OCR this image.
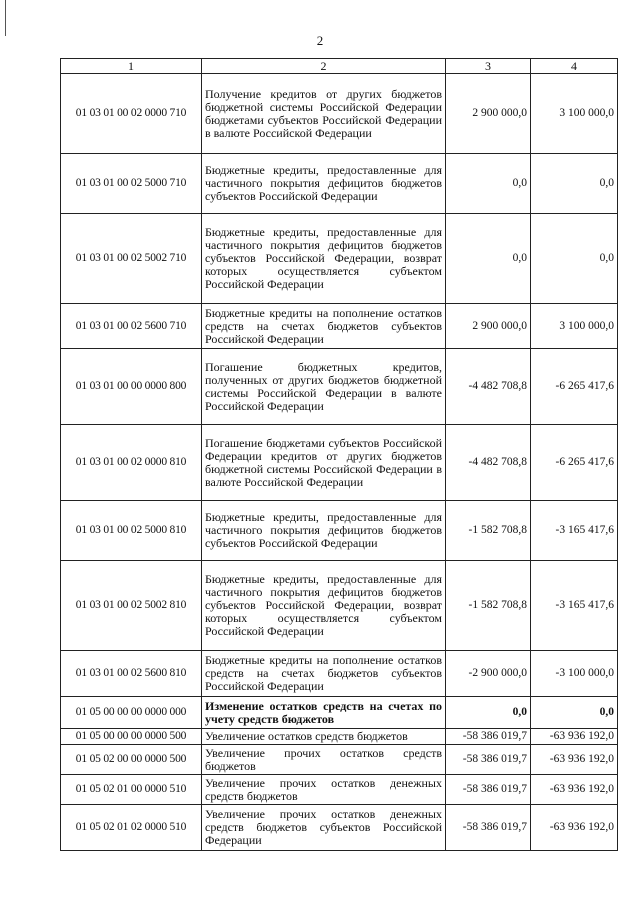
2
1	2	3	4
01 03 01 00 02 0000 710	Получение кредитов от других бюджетов бюджетной системы Российской Федерации бюджетами субъектов Российской Федерации в валюте Российской Федерации	2 900 000,0	3 100 000,0
01 03 01 00 02 5000 710	Бюджетные кредиты, предоставленные для частичного покрытия дефицитов бюджетов субъектов Российской Федерации	0,0	0,0
01 03 01 00 02 5002 710	Бюджетные кредиты, предоставленные для частичного покрытия дефицитов бюджетов субъектов Российской Федерации, возврат которых осуществляется субъектом Российской Федерации	0,0	0,0
01 03 01 00 02 5600 710	Бюджетные кредиты на пополнение остатков средств на счетах бюджетов субъектов Российской Федерации	2 900 000,0	3 100 000,0
01 03 01 00 00 0000 800	Погашение бюджетных кредитов, полученных от других бюджетов бюджетной системы Российской Федерации в валюте Российской Федерации	-4 482 708,8	-6 265 417,6
01 03 01 00 02 0000 810	Погашение бюджетами субъектов Российской Федерации кредитов от других бюджетов бюджетной системы Российской Федерации в валюте Российской Федерации	-4 482 708,8	-6 265 417,6
01 03 01 00 02 5000 810	Бюджетные кредиты, предоставленные для частичного покрытия дефицитов бюджетов субъектов Российской Федерации	-1 582 708,8	-3 165 417,6
01 03 01 00 02 5002 810	Бюджетные кредиты, предоставленные для частичного покрытия дефицитов бюджетов субъектов Российской Федерации, возврат которых осуществляется субъектом Российской Федерации	-1 582 708,8	-3 165 417,6
01 03 01 00 02 5600 810	Бюджетные кредиты на пополнение остатков средств на счетах бюджетов субъектов Российской Федерации	-2 900 000,0	-3 100 000,0
01 05 00 00 00 0000 000	Изменение остатков средств на счетах по учету средств бюджетов	0,0	0,0
01 05 00 00 00 0000 500	Увеличение остатков средств бюджетов	-58 386 019,7	-63 936 192,0
01 05 02 00 00 0000 500	Увеличение прочих остатков средств бюджетов	-58 386 019,7	-63 936 192,0
01 05 02 01 00 0000 510	Увеличение прочих остатков денежных средств бюджетов	-58 386 019,7	-63 936 192,0
01 05 02 01 02 0000 510	Увеличение прочих остатков денежных средств бюджетов субъектов Российской Федерации	-58 386 019,7	-63 936 192,0
